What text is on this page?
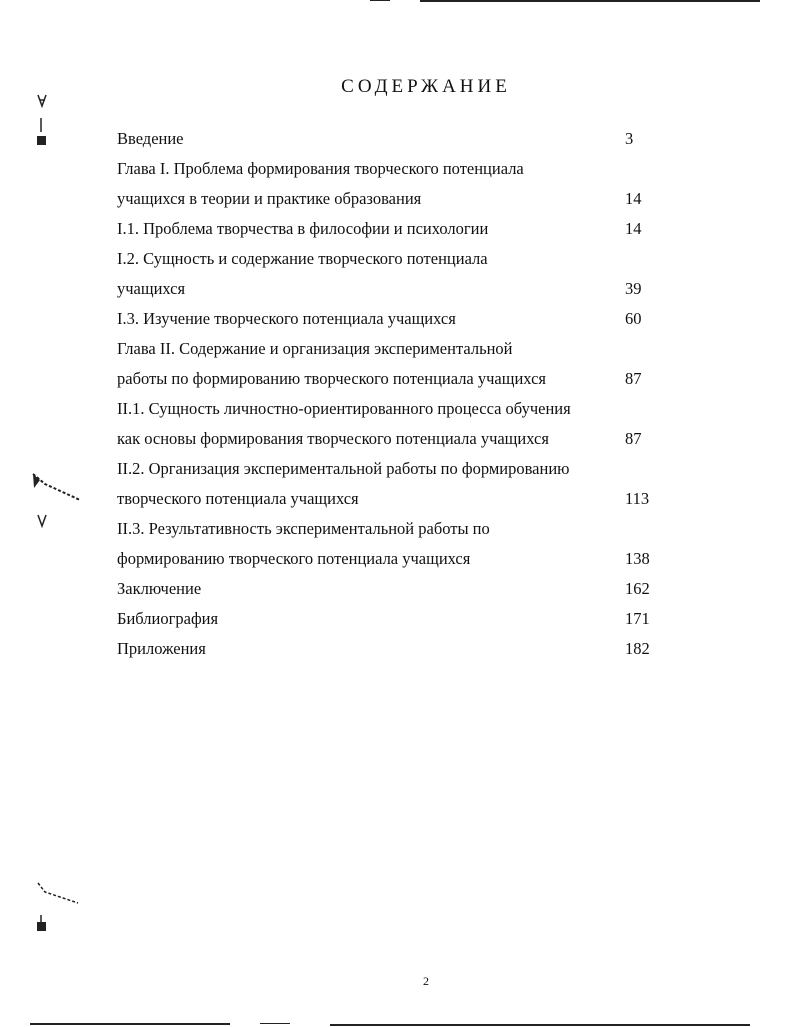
СОДЕРЖАНИЕ
Введение	3
Глава I. Проблема формирования творческого потенциала
учащихся в теории и практике образования	14
I.1. Проблема творчества в философии и психологии	14
I.2. Сущность и содержание творческого потенциала
учащихся	39
I.3. Изучение творческого потенциала учащихся	60
Глава II. Содержание и организация экспериментальной
работы по формированию творческого потенциала учащихся	87
II.1. Сущность личностно-ориентированного процесса обучения
как основы формирования творческого потенциала учащихся	87
II.2. Организация экспериментальной работы по формированию
творческого потенциала учащихся	113
II.3. Результативность экспериментальной работы по
формированию творческого потенциала учащихся	138
Заключение	162
Библиография	171
Приложения	182
2
